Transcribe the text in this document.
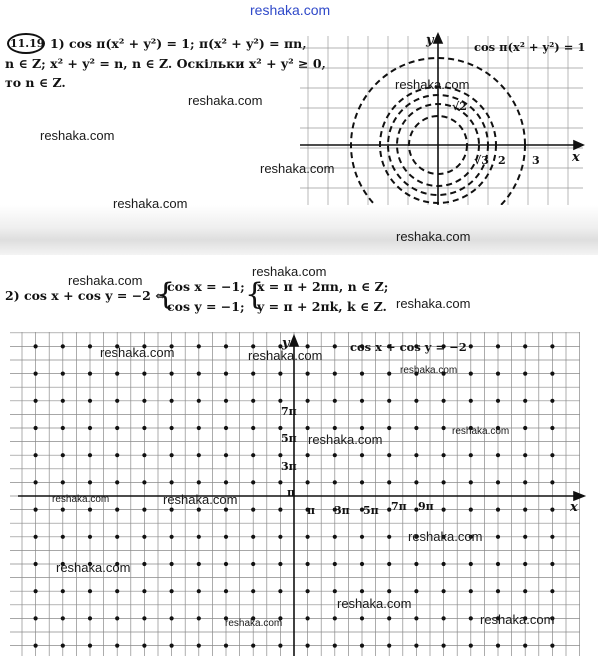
reshaka.com
11.19 1) cos π(x² + y²) = 1; π(x² + y²) = πn,
n ∈ Z; x² + y² = n, n ∈ Z. Оскільки x² + y² ≥ 0,
то n ∈ Z.
cos π(x² + y²) = 1
y
x
√2
√3 2 3
2) cos x + cos y = −2 ⇔
{
cos x = −1;
cos y = −1; {
x = π + 2πn, n ∈ Z;
y = π + 2πk, k ∈ Z.
cos x + cos y = −2
y
x
π 3π 5π 7π 9π
7π
5π
3π
π
reshaka.com
reshaka.com
reshaka.com
reshaka.com
reshaka.com
reshaka.com
reshaka.com
reshaka.com
reshaka.com
reshaka.com	reshaka.com
reshaka.com
reshaka.com
reshaka.com
reshaka.com	reshaka.com
reshaka.com
reshaka.com
reshaka.com
reshaka.com	reshaka.com
